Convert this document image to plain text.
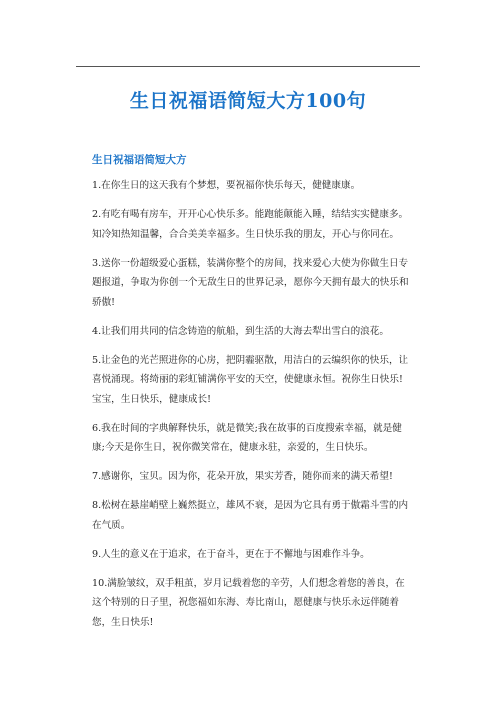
生日祝福语简短大方100句
生日祝福语简短大方

1.在你生日的这天我有个梦想，要祝福你快乐每天，健健康康。

2.有吃有喝有房车，开开心心快乐多。能跑能颠能入睡，结结实实健康多。知冷知热知温馨，合合美美幸福多。生日快乐我的朋友，开心与你同在。

3.送你一份超级爱心蛋糕，装满你整个的房间，找来爱心大使为你做生日专题报道，争取为你创一个无敌生日的世界记录，愿你今天拥有最大的快乐和骄傲!

4.让我们用共同的信念铸造的航船，到生活的大海去犁出雪白的浪花。

5.让金色的光芒照进你的心房，把阴霾驱散，用洁白的云编织你的快乐，让喜悦涌现。将绮丽的彩虹铺满你平安的天空，使健康永恒。祝你生日快乐!宝宝，生日快乐，健康成长!

6.我在时间的字典解释快乐，就是微笑;我在故事的百度搜索幸福，就是健康;今天是你生日，祝你微笑常在，健康永驻，亲爱的，生日快乐。

7.感谢你，宝贝。因为你，花朵开放，果实芳香，随你而来的满天希望!

8.松树在悬崖峭壁上巍然挺立，雄风不衰，是因为它具有勇于傲霜斗雪的内在气质。

9.人生的意义在于追求，在于奋斗，更在于不懈地与困难作斗争。

10.满脸皱纹，双手粗茧，岁月记载着您的辛劳，人们想念着您的善良，在这个特别的日子里，祝您福如东海、寿比南山，愿健康与快乐永远伴随着您，生日快乐!
